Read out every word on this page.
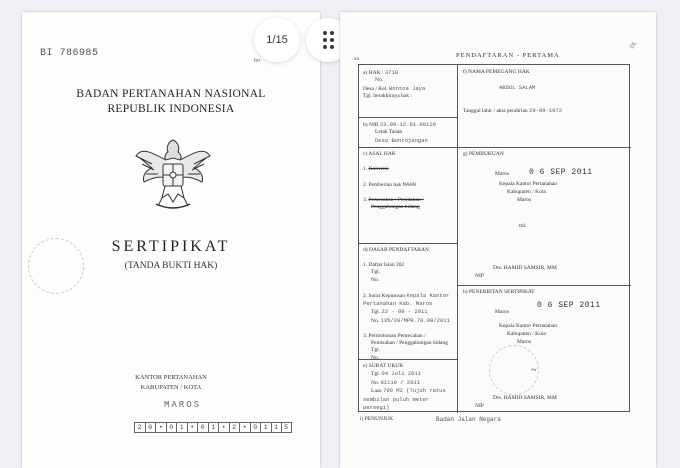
BI 786985
bo
BADAN PERTANAHAN NASIONAL
REPUBLIK INDONESIA
SERTIPIKAT
(TANDA BUKTI HAK)
KANTOR PERTANAHAN
KABUPATEN / KOTA
MAROS
2	0	•	0	1	•	0	1	•	2	•	0	1	1 5
1/15
an	PENDAFTARAN - PERTAMA
DL
a) HAK : 3718
No.
Desa / Kel. Bontoa Jaya
Tgl. berakhirnya hak :
b) NIB 23.09.12.01.00120
Letak Tanah
Desa Bontojangan
c) ASAL HAK

1. Konversi

2. Pemberian hak MAHN

3. Pemecahan / Penidahan /
Penggabungan bidang
d) DASAR PENDAFTARAN

1. Daftar Isian 202
Tgl.
No.

2. Surat Keputusan Kepala Kantor Pertanahan Kab. Maros
Tgl. 22 - 09 - 2011
No. 135/20/MPR.70.09/2011

3. Permohonan Pemecahan /
Pemisahan / Penggabungan bidang
Tgl.
No.
e) SURAT UKUR
Tgl. 04 Juli 2011
No. 01119 / 2011
Luas 790 M2 (Tujuh ratus sembilan puluh meter persegi)
f) NAMA PEMEGANG HAK

ABDUL SALAM

Tanggal lahir / akta pendirian 29-09-1972
g) PEMBUKUAN
Maros 0 6 SEP 2011
Kepala Kantor Pertanahan
Kabupaten / Kota
Maros
ttd.
Drs. HAMID SAMSIR, MM
NIP
h) PENERBITAN SERTIPIKAT
Maros
0 6 SEP 2011
Kepala Kantor Pertanahan
Kabupaten / Kota
Maros
~
Drs. HAMID SAMSIR, MM
NIP
i) PENUNJUK	Badan Jalan Negara
